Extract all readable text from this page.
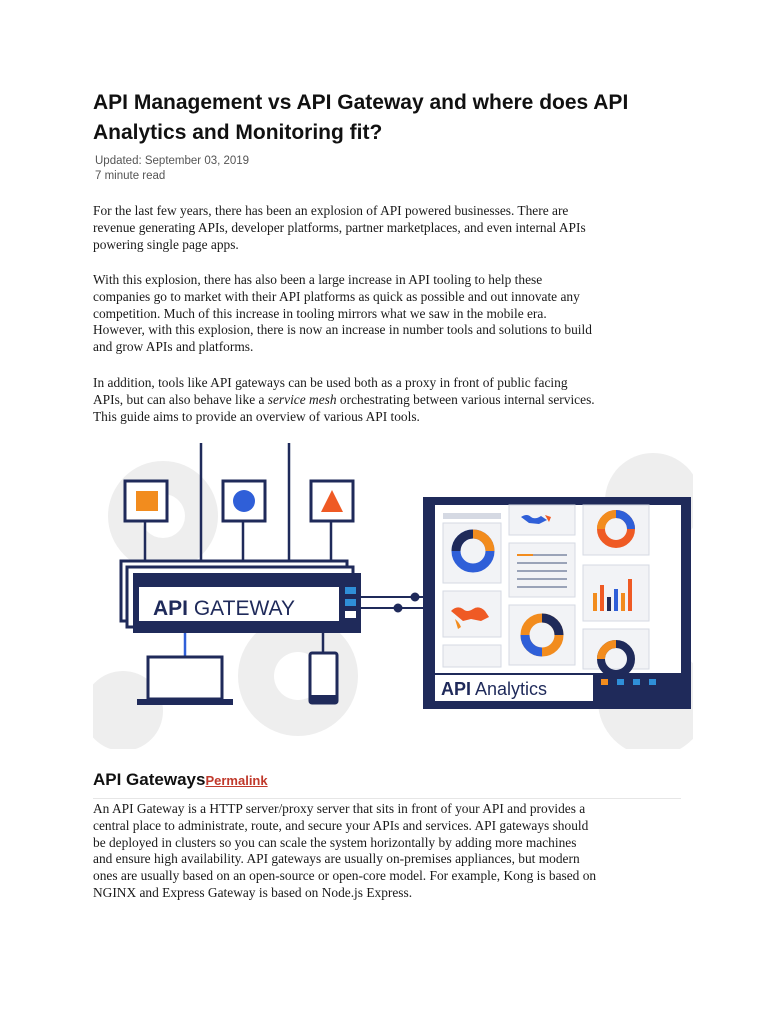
API Management vs API Gateway and where does API
Analytics and Monitoring fit?
Updated: September 03, 2019
7 minute read

For the last few years, there has been an explosion of API powered businesses. There are
revenue generating APIs, developer platforms, partner marketplaces, and even internal APIs
powering single page apps.

With this explosion, there has also been a large increase in API tooling to help these
companies go to market with their API platforms as quick as possible and out innovate any
competition. Much of this increase in tooling mirrors what we saw in the mobile era.
However, with this explosion, there is now an increase in number tools and solutions to build
and grow APIs and platforms.

In addition, tools like API gateways can be used both as a proxy in front of public facing
APIs, but can also behave like a service mesh orchestrating between various internal services.
This guide aims to provide an overview of various API tools.

API GATEWAY
API Analytics
API GatewaysPermalink

An API Gateway is a HTTP server/proxy server that sits in front of your API and provides a
central place to administrate, route, and secure your APIs and services. API gateways should
be deployed in clusters so you can scale the system horizontally by adding more machines
and ensure high availability. API gateways are usually on-premises appliances, but modern
ones are usually based on an open-source or open-core model. For example, Kong is based on
NGINX and Express Gateway is based on Node.js Express.
